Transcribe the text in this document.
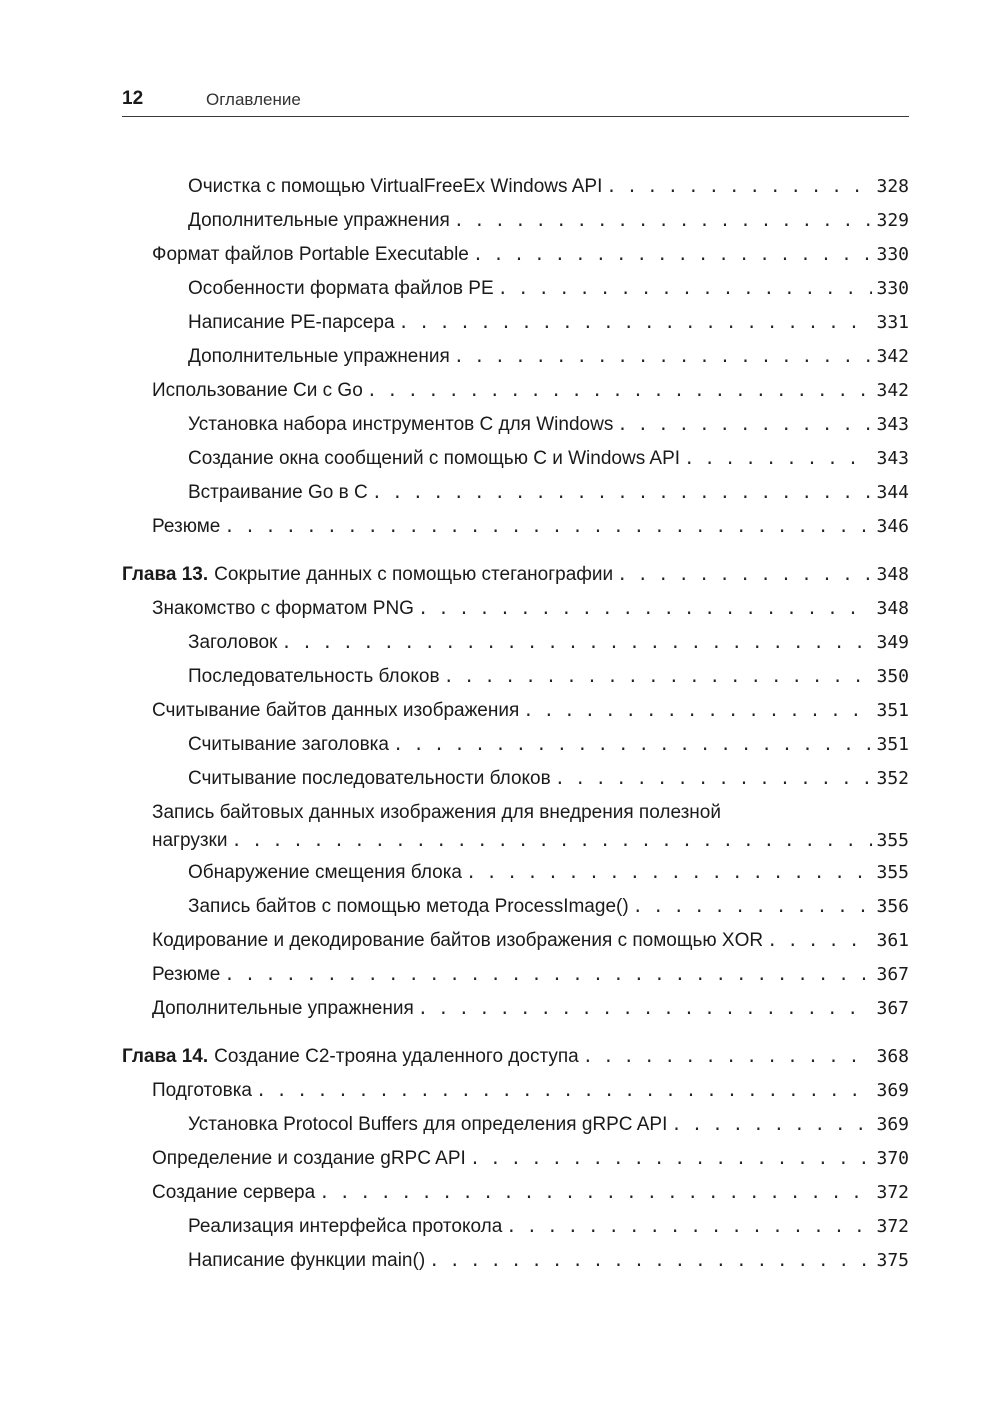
12	Оглавление
Очистка с помощью VirtualFreeEx Windows API . . .	328
Дополнительные упражнения . . .	329
Формат файлов Portable Executable . . .	330
Особенности формата файлов PE . . .	330
Написание PE-парсера . . .	331
Дополнительные упражнения . . .	342
Использование Си с Go . . .	342
Установка набора инструментов C для Windows . . .	343
Создание окна сообщений с помощью C и Windows API . . .	343
Встраивание Go в C . . .	344
Резюме . . .	346
Глава 13. Сокрытие данных с помощью стеганографии . . .	348
Знакомство с форматом PNG . . .	348
Заголовок . . .	349
Последовательность блоков . . .	350
Считывание байтов данных изображения . . .	351
Считывание заголовка . . .	351
Считывание последовательности блоков . . .	352
Запись байтовых данных изображения для внедрения полезной
нагрузки . . .	355
Обнаружение смещения блока . . .	355
Запись байтов с помощью метода ProcessImage() . . .	356
Кодирование и декодирование байтов изображения с помощью XOR . . .	361
Резюме . . .	367
Дополнительные упражнения . . .	367
Глава 14. Создание C2-трояна удаленного доступа . . .	368
Подготовка . . .	369
Установка Protocol Buffers для определения gRPC API . . .	369
Определение и создание gRPC API . . .	370
Создание сервера . . .	372
Реализация интерфейса протокола . . .	372
Написание функции main() . . .	375
